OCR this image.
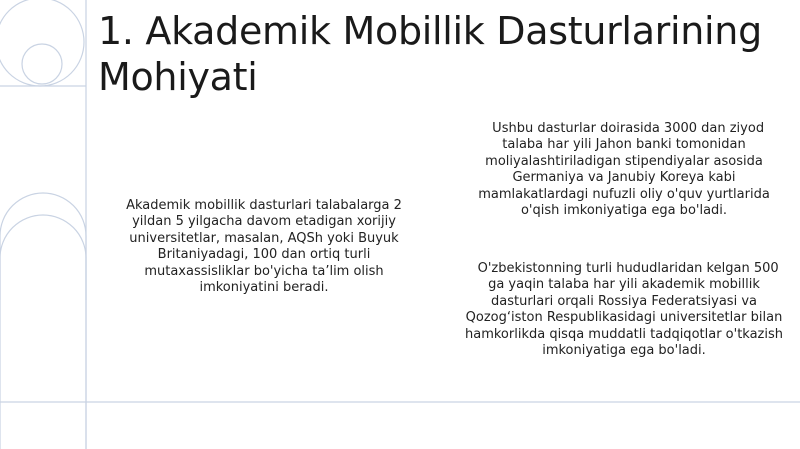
1. Akademik Mobillik Dasturlarining Mohiyati

Akademik mobillik dasturlari talabalarga 2 yildan 5 yilgacha davom etadigan xorijiy universitetlar, masalan, AQSh yoki Buyuk Britaniyadagi, 100 dan ortiq turli mutaxassisliklar bo'yicha ta’lim olish imkoniyatini beradi.

Ushbu dasturlar doirasida 3000 dan ziyod talaba har yili Jahon banki tomonidan moliyalashtiriladigan stipendiyalar asosida Germaniya va Janubiy Koreya kabi mamlakatlardagi nufuzli oliy o'quv yurtlarida o'qish imkoniyatiga ega bo'ladi.

O'zbekistonning turli hududlaridan kelgan 500 ga yaqin talaba har yili akademik mobillik dasturlari orqali Rossiya Federatsiyasi va Qozog‘iston Respublikasidagi universitetlar bilan hamkorlikda qisqa muddatli tadqiqotlar o'tkazish imkoniyatiga ega bo'ladi.
